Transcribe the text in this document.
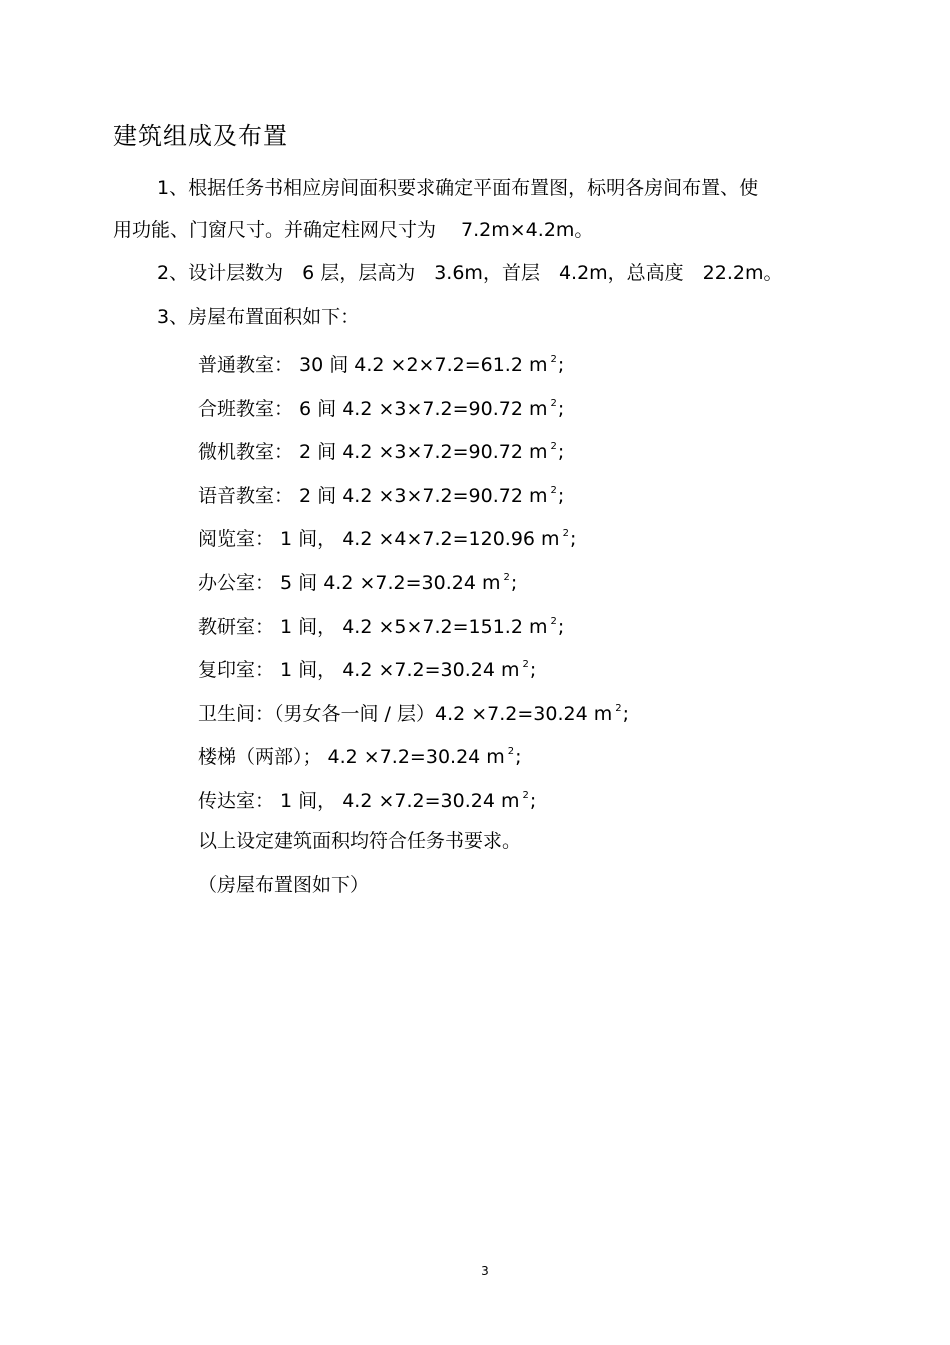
建筑组成及布置
1、根据任务书相应房间面积要求确定平面布置图，标明各房间布置、使
用功能、门窗尺寸。并确定柱网尺寸为　 7.2m×4.2m。
2、设计层数为　6 层，层高为　3.6m，首层　4.2m，总高度　22.2m。
3、房屋布置面积如下：
普通教室： 30 间 4.2 ×2×7.2=61.2 m $^2$;
合班教室： 6 间 4.2 ×3×7.2=90.72 m $^2$;
微机教室： 2 间 4.2 ×3×7.2=90.72 m $^2$;
语音教室： 2 间 4.2 ×3×7.2=90.72 m $^2$;
阅览室： 1 间， 4.2 ×4×7.2=120.96 m $^2$;
办公室： 5 间 4.2 ×7.2=30.24 m $^2$;
教研室： 1 间， 4.2 ×5×7.2=151.2 m $^2$;
复印室： 1 间， 4.2 ×7.2=30.24 m $^2$;
卫生间：（男女各一间 / 层）4.2 ×7.2=30.24 m $^2$;
楼梯（两部）； 4.2 ×7.2=30.24 m $^2$;
传达室： 1 间， 4.2 ×7.2=30.24 m $^2$;
以上设定建筑面积均符合任务书要求。
（房屋布置图如下）
3
